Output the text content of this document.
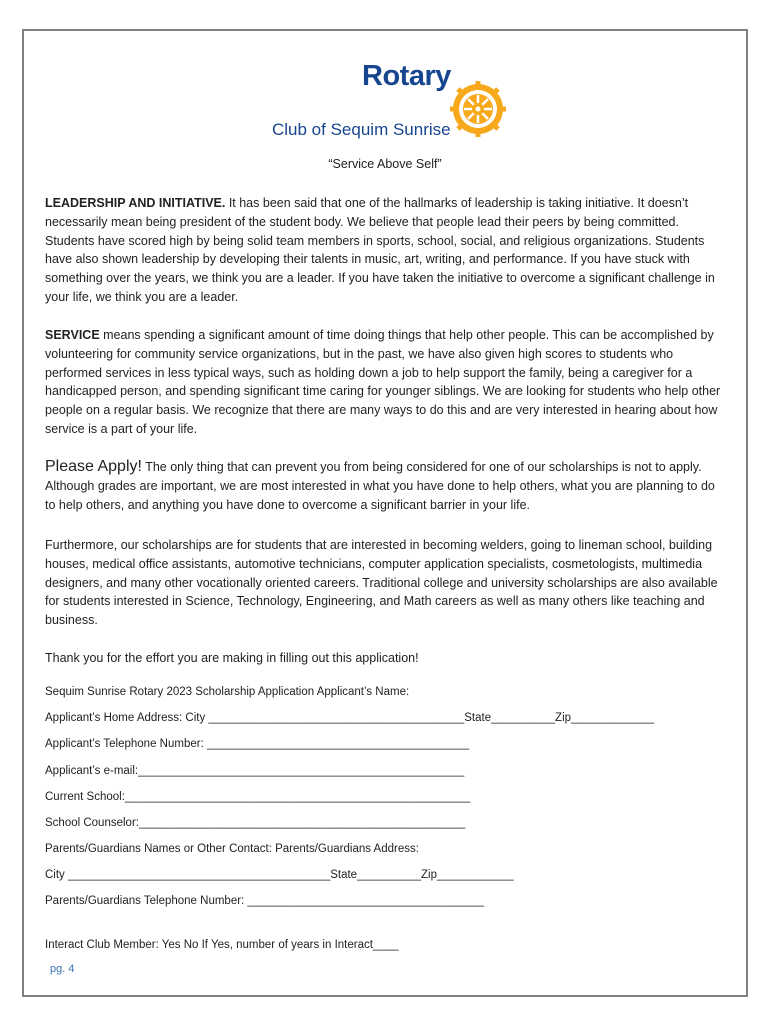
Rotary
Club of Sequim Sunrise
“Service Above Self”

LEADERSHIP AND INITIATIVE. It has been said that one of the hallmarks of leadership is taking initiative. It doesn’t necessarily mean being president of the student body. We believe that people lead their peers by being committed. Students have scored high by being solid team members in sports, school, social, and religious organizations. Students have also shown leadership by developing their talents in music, art, writing, and performance. If you have stuck with something over the years, we think you are a leader. If you have taken the initiative to overcome a significant challenge in your life, we think you are a leader.

SERVICE means spending a significant amount of time doing things that help other people. This can be accomplished by volunteering for community service organizations, but in the past, we have also given high scores to students who performed services in less typical ways, such as holding down a job to help support the family, being a caregiver for a handicapped person, and spending significant time caring for younger siblings. We are looking for students who help other people on a regular basis. We recognize that there are many ways to do this and are very interested in hearing about how service is a part of your life.

Please Apply! The only thing that can prevent you from being considered for one of our scholarships is not to apply. Although grades are important, we are most interested in what you have done to help others, what you are planning to do to help others, and anything you have done to overcome a significant barrier in your life.

Furthermore, our scholarships are for students that are interested in becoming welders, going to lineman school, building houses, medical office assistants, automotive technicians, computer application specialists, cosmetologists, multimedia designers, and many other vocationally oriented careers. Traditional college and university scholarships are also available for students interested in Science, Technology, Engineering, and Math careers as well as many others like teaching and business.

Thank you for the effort you are making in filling out this application!

Sequim Sunrise Rotary 2023 Scholarship Application Applicant’s Name:
Applicant’s Home Address: City ________________________________________State__________Zip_____________
Applicant’s Telephone Number: _________________________________________
Applicant’s e-mail:___________________________________________________
Current School:______________________________________________________
School Counselor:___________________________________________________
Parents/Guardians Names or Other Contact: Parents/Guardians Address:
City _________________________________________State__________Zip____________
Parents/Guardians Telephone Number: _____________________________________
Interact Club Member: Yes No If Yes, number of years in Interact____
pg. 4
